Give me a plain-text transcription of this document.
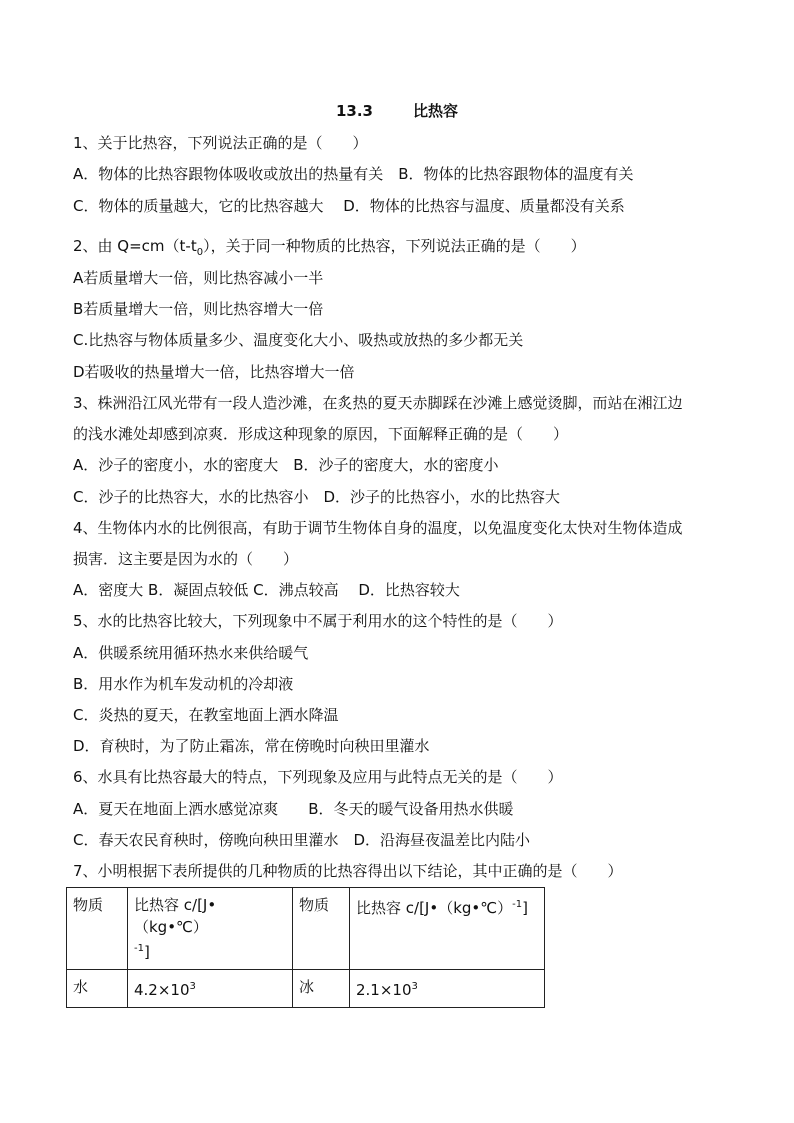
13.3	比热容
1、关于比热容，下列说法正确的是（　　）
A．物体的比热容跟物体吸收或放出的热量有关　B．物体的比热容跟物体的温度有关
C．物体的质量越大，它的比热容越大　 D．物体的比热容与温度、质量都没有关系
A若质量增大一倍，则比热容减小一半
B若质量增大一倍，则比热容增大一倍
C.比热容与物体质量多少、温度变化大小、吸热或放热的多少都无关
D若吸收的热量增大一倍，比热容增大一倍
3、株洲沿江风光带有一段人造沙滩，在炙热的夏天赤脚踩在沙滩上感觉烫脚，而站在湘江边
的浅水滩处却感到凉爽．形成这种现象的原因，下面解释正确的是（　　）
A．沙子的密度小，水的密度大　B．沙子的密度大，水的密度小
C．沙子的比热容大，水的比热容小　D．沙子的比热容小，水的比热容大
4、生物体内水的比例很高，有助于调节生物体自身的温度，以免温度变化太快对生物体造成
损害．这主要是因为水的（　　）
A．密度大 B．凝固点较低 C．沸点较高　 D．比热容较大
5、水的比热容比较大，下列现象中不属于利用水的这个特性的是（　　）
A．供暖系统用循环热水来供给暖气
B．用水作为机车发动机的冷却液
C．炎热的夏天，在教室地面上洒水降温
D．育秧时，为了防止霜冻，常在傍晚时向秧田里灌水
6、水具有比热容最大的特点，下列现象及应用与此特点无关的是（　　）
A．夏天在地面上洒水感觉凉爽　　B．冬天的暖气设备用热水供暖
C．春天农民育秧时，傍晚向秧田里灌水　D．沿海昼夜温差比内陆小
7、小明根据下表所提供的几种物质的比热容得出以下结论，其中正确的是（　　）
2、由 $Q=cm(t-t_0)$，关于同一种物质的比热容，下列说法正确的是（　　）
物质	比热容 c/[J•（kg•℃）
$^{-1}$]	物质	比热容 c/[J•（kg•℃）$^{-1}$]
水	$4.2\times 10^3$	冰	$2.1\times 10^3$
